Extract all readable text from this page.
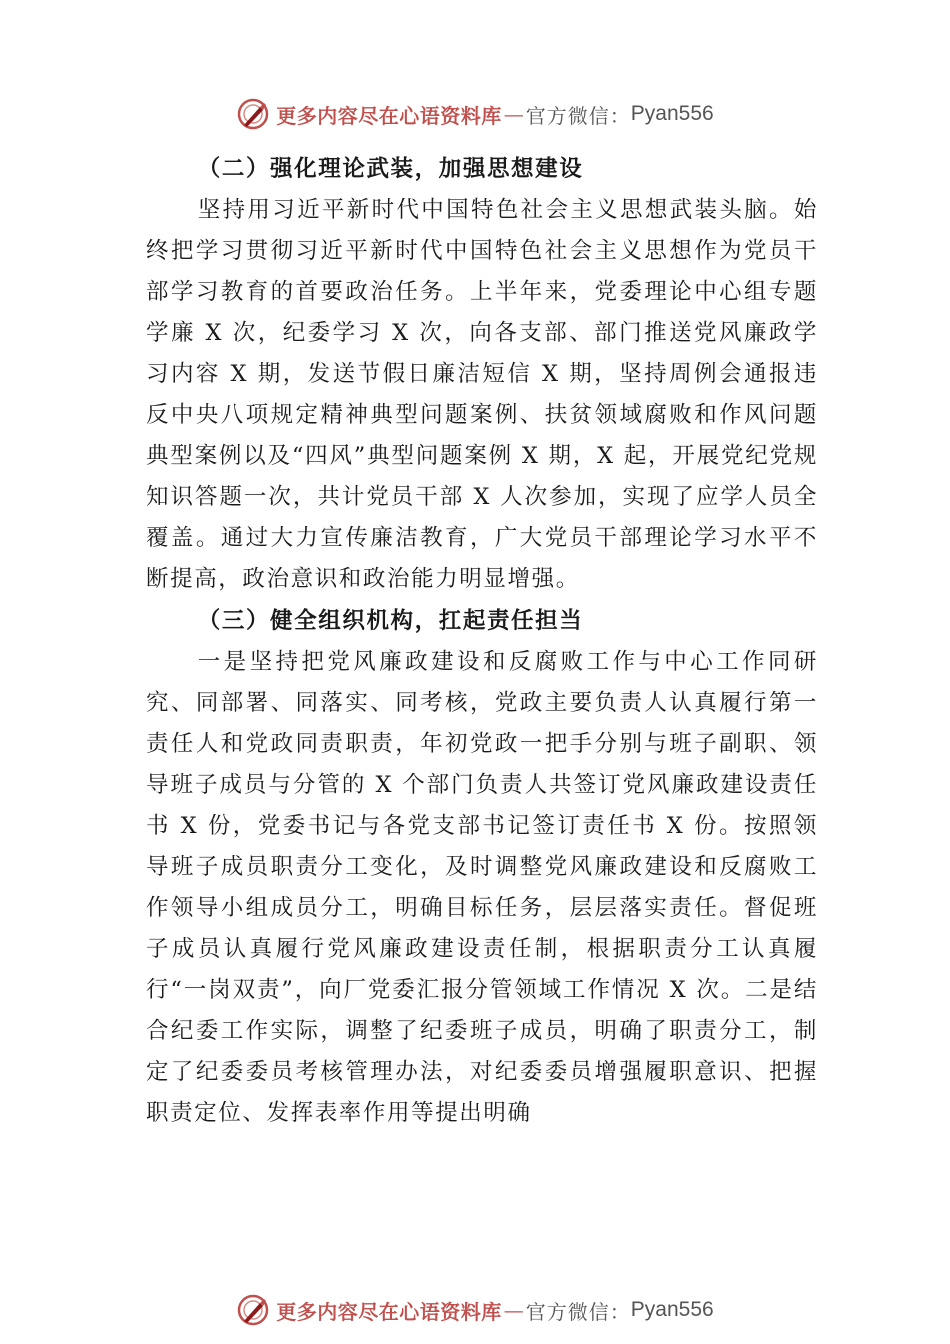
更多内容尽在心语资料库 — 官方微信： Pyan556

（二）强化理论武装，加强思想建设

坚持用习近平新时代中国特色社会主义思想武装头脑。始终把学习贯彻习近平新时代中国特色社会主义思想作为党员干部学习教育的首要政治任务。上半年来，党委理论中心组专题学廉 X 次，纪委学习 X 次，向各支部、部门推送党风廉政学习内容 X 期，发送节假日廉洁短信 X 期，坚持周例会通报违反中央八项规定精神典型问题案例、扶贫领域腐败和作风问题典型案例以及“四风”典型问题案例 X 期，X 起，开展党纪党规知识答题一次，共计党员干部 X 人次参加，实现了应学人员全覆盖。通过大力宣传廉洁教育，广大党员干部理论学习水平不断提高，政治意识和政治能力明显增强。

（三）健全组织机构，扛起责任担当

一是坚持把党风廉政建设和反腐败工作与中心工作同研究、同部署、同落实、同考核，党政主要负责人认真履行第一责任人和党政同责职责，年初党政一把手分别与班子副职、领导班子成员与分管的 X 个部门负责人共签订党风廉政建设责任书 X 份，党委书记与各党支部书记签订责任书 X 份。按照领导班子成员职责分工变化，及时调整党风廉政建设和反腐败工作领导小组成员分工，明确目标任务，层层落实责任。督促班子成员认真履行党风廉政建设责任制，根据职责分工认真履行“一岗双责”，向厂党委汇报分管领域工作情况 X 次。二是结合纪委工作实际，调整了纪委班子成员，明确了职责分工，制定了纪委委员考核管理办法，对纪委委员增强履职意识、把握职责定位、发挥表率作用等提出明确

更多内容尽在心语资料库 — 官方微信： Pyan556
